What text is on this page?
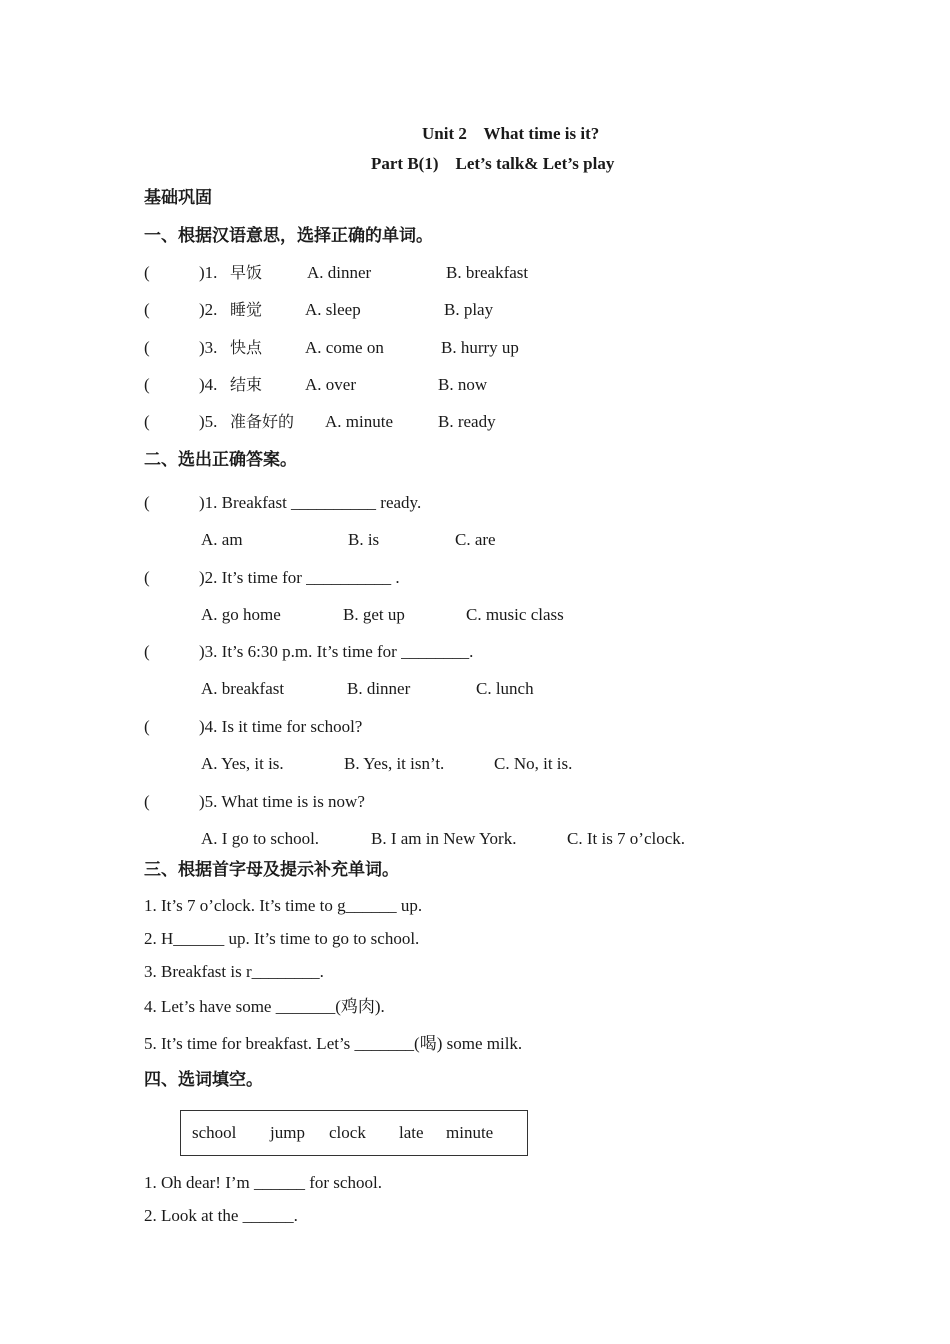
Unit 2    What time is it?
Part B(1)    Let’s talk& Let’s play
基础巩固
一、根据汉语意思，选择正确的单词。
(	)1. 早饭	A. dinner	B. breakfast
(	)2. 睡觉	A. sleep	B. play
(	)3. 快点	A. come on	B. hurry up
(	)4. 结束	A. over	B. now
(	)5. 准备好的 A. minute	B. ready
二、选出正确答案。
(	)1. Breakfast __________ ready.
A. am	B. is	C. are
(	)2. It’s time for __________ .
A. go home	B. get up	C. music class
(	)3. It’s 6:30 p.m. It’s time for ________.
A. breakfast	B. dinner	C. lunch
(	)4. Is it time for school?
A. Yes, it is.	B. Yes, it isn’t.	C. No, it is.
(	)5. What time is is now?
A. I go to school.	B. I am in New York.	C. It is 7 o’clock.
三、根据首字母及提示补充单词。
1. It’s 7 o’clock. It’s time to g______ up.
2. H______ up. It’s time to go to school.
3. Breakfast is r________.
4. Let’s have some _______(鸡肉).
5. It’s time for breakfast. Let’s _______(喝) some milk.
四、选词填空。
school jump clock late minute
1. Oh dear! I’m ______ for school.
2. Look at the ______.
